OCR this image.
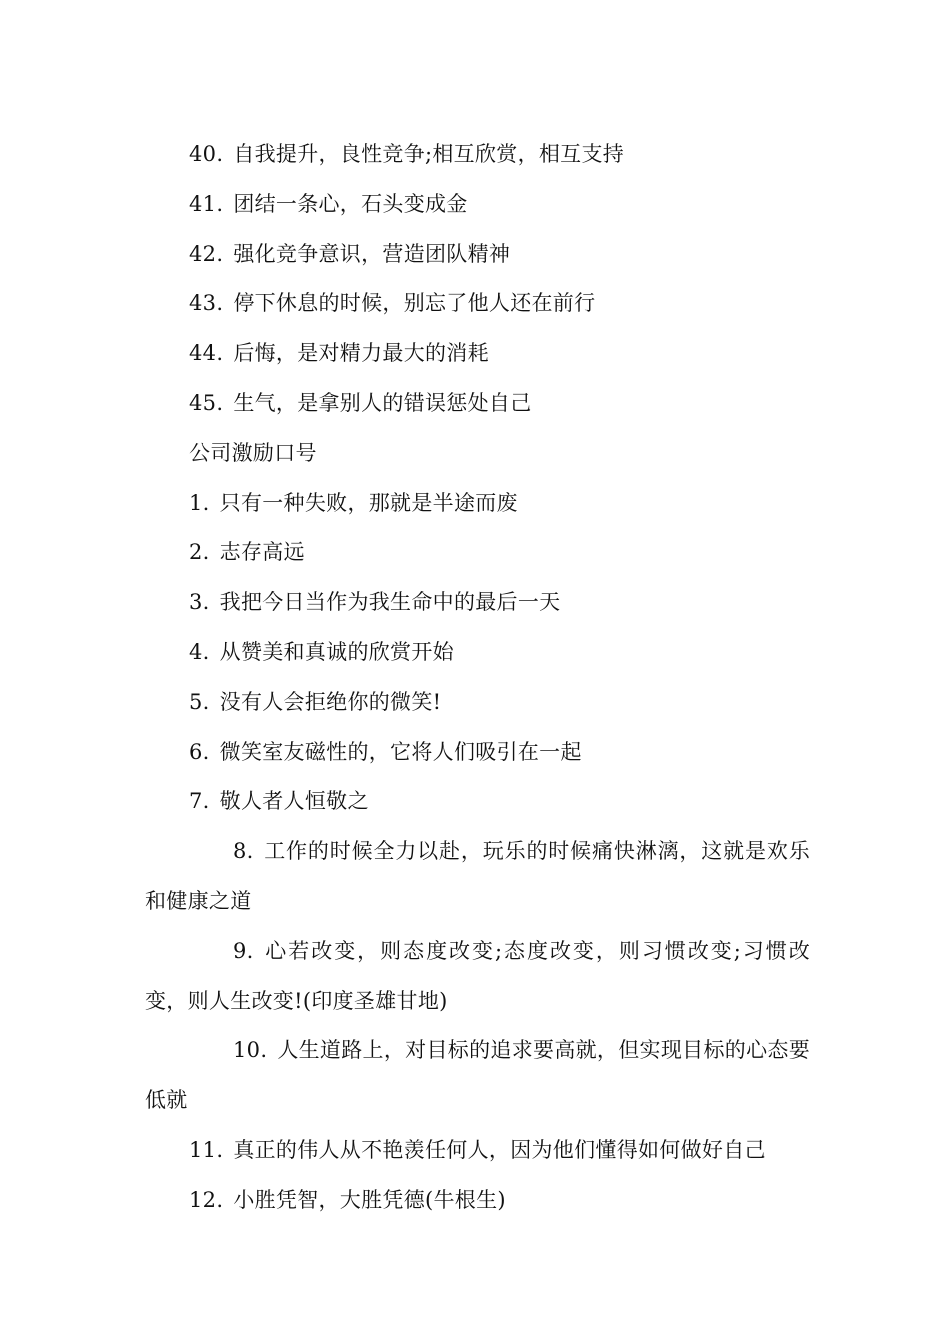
40. 自我提升，良性竞争;相互欣赏，相互支持
41. 团结一条心，石头变成金
42. 强化竞争意识，营造团队精神
43. 停下休息的时候，别忘了他人还在前行
44. 后悔，是对精力最大的消耗
45. 生气，是拿别人的错误惩处自己
公司激励口号
1. 只有一种失败，那就是半途而废
2. 志存高远
3. 我把今日当作为我生命中的最后一天
4. 从赞美和真诚的欣赏开始
5. 没有人会拒绝你的微笑!
6. 微笑室友磁性的，它将人们吸引在一起
7. 敬人者人恒敬之
8. 工作的时候全力以赴，玩乐的时候痛快淋漓，这就是欢乐和健康之道
9. 心若改变，则态度改变;态度改变，则习惯改变;习惯改变，则人生改变!(印度圣雄甘地)
10. 人生道路上，对目标的追求要高就，但实现目标的心态要低就
11. 真正的伟人从不艳羡任何人，因为他们懂得如何做好自己
12. 小胜凭智，大胜凭德(牛根生)
